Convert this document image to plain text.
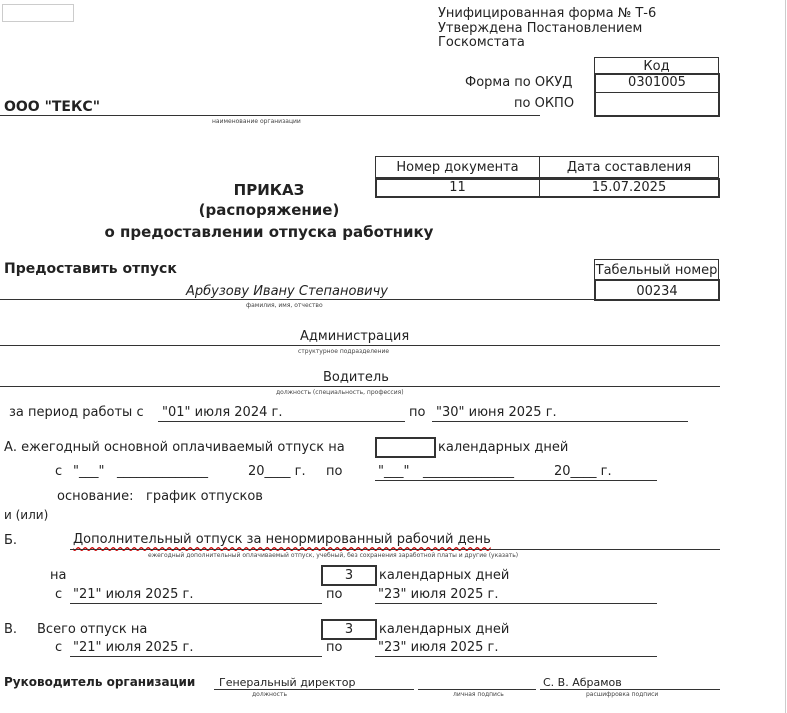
Унифицированная форма № Т-6
Утверждена Постановлением
Госкомстата
Код
Форма по ОКУД	0301005
по ОКПО
ООО "ТЕКС"
наименование организации
Номер документа	Дата составления
11	15.07.2025
ПРИКАЗ
(распоряжение)
о предоставлении отпуска работнику
Предоставить отпуск	Табельный номер
00234
Арбузову Ивану Степановичу
фамилия, имя, отчество
Администрация
структурное подразделение
Водитель
должность (специальность, профессия)
за период работы с "01" июля 2024 г.	по "30" июня 2025 г.
А. ежегодный основной оплачиваемый отпуск на	календарных дней
с "___" ______________	20____ г. по	"___" ______________	20____ г.
основание: график отпусков
и (или)
Б.	Дополнительный отпуск за ненормированный рабочий день
ежегодный дополнительный оплачиваемый отпуск, учебный, без сохранения заработной платы и другие (указать)
на	3	календарных дней
с "21" июля 2025 г.	по	"23" июля 2025 г.
В. Всего отпуск на	3	календарных дней
с "21" июля 2025 г.	по	"23" июля 2025 г.
Руководитель организации Генеральный директор
должность	личная подпись
С. В. Абрамов
расшифровка подписи
